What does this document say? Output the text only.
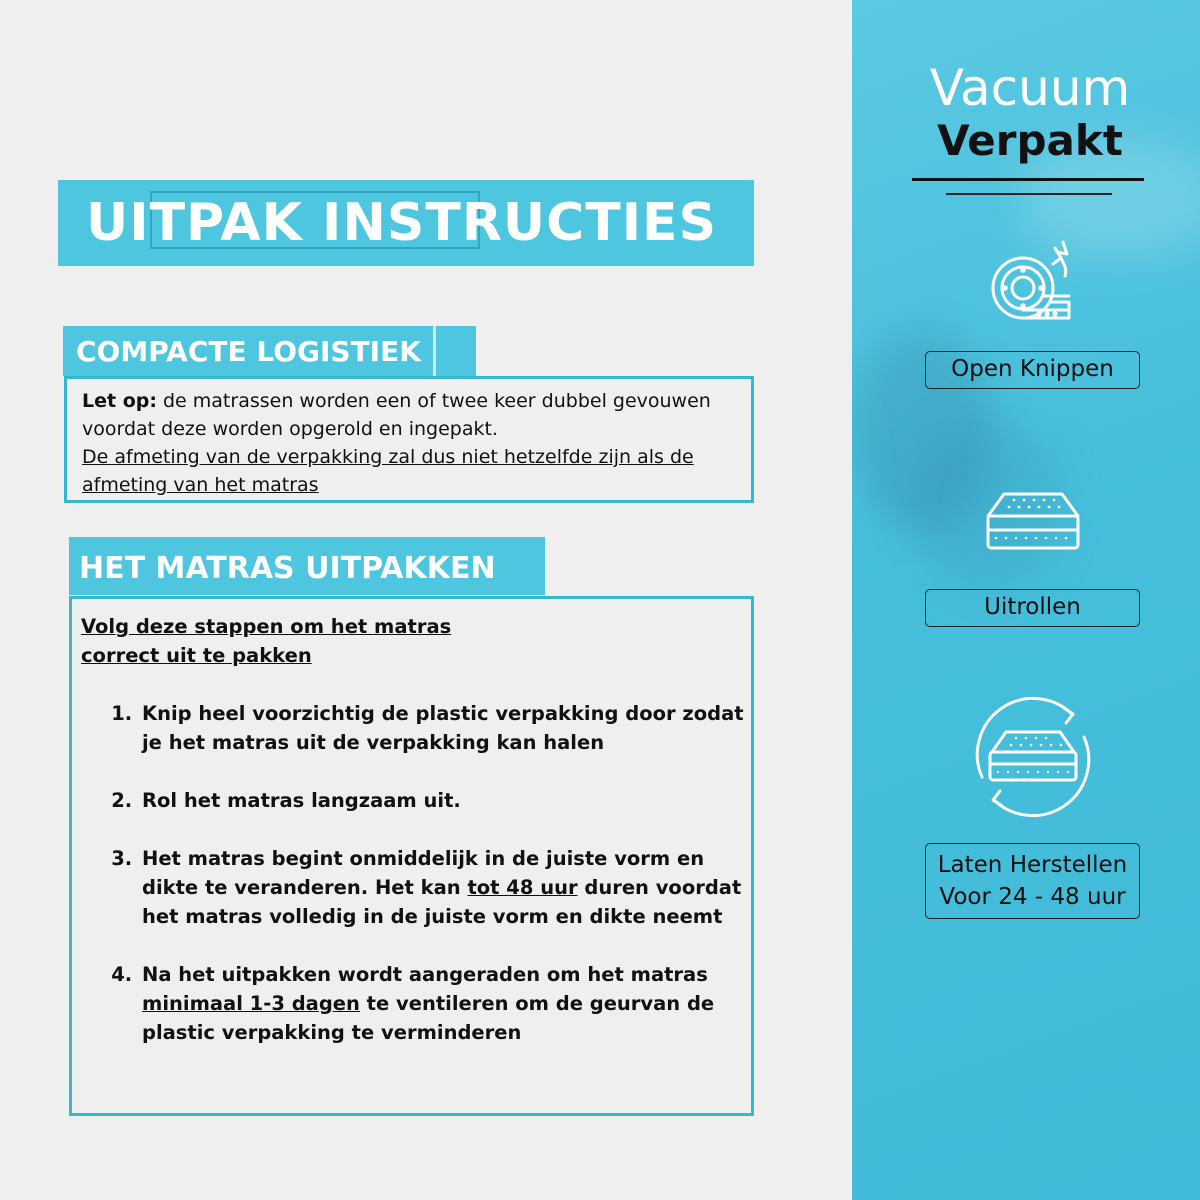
UITPAK INSTRUCTIES
COMPACTE LOGISTIEK
Let op: de matrassen worden een of twee keer dubbel gevouwen voordat deze worden opgerold en ingepakt.
De afmeting van de verpakking zal dus niet hetzelfde zijn als de afmeting van het matras
HET MATRAS UITPAKKEN
Volg deze stappen om het matras correct uit te pakken
1. Knip heel voorzichtig de plastic verpakking door zodat je het matras uit de verpakking kan halen
2. Rol het matras langzaam uit.
3. Het matras begint onmiddelijk in de juiste vorm en dikte te veranderen. Het kan tot 48 uur duren voordat het matras volledig in de juiste vorm en dikte neemt
4. Na het uitpakken wordt aangeraden om het matras minimaal 1-3 dagen te ventileren om de geurvan de plastic verpakking te verminderen
Vacuum
Verpakt
Open Knippen
Uitrollen
Laten Herstellen
Voor 24 - 48 uur
